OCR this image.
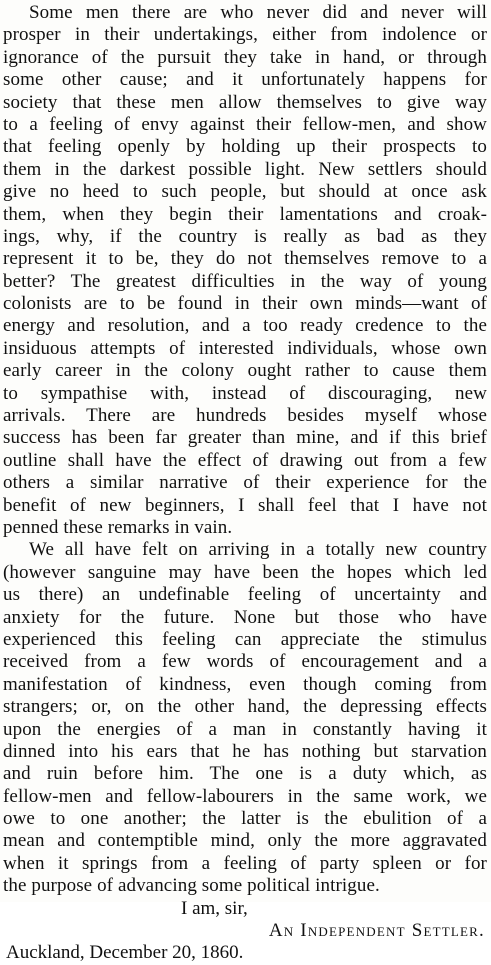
Some men there are who never did and never will
prosper in their undertakings, either from indolence or
ignorance of the pursuit they take in hand, or through
some other cause; and it unfortunately happens for
society that these men allow themselves to give way
to a feeling of envy against their fellow-men, and show
that feeling openly by holding up their prospects to
them in the darkest possible light. New settlers should
give no heed to such people, but should at once ask
them, when they begin their lamentations and croak-
ings, why, if the country is really as bad as they
represent it to be, they do not themselves remove to a
better? The greatest difficulties in the way of young
colonists are to be found in their own minds—want of
energy and resolution, and a too ready credence to the
insiduous attempts of interested individuals, whose own
early career in the colony ought rather to cause them
to sympathise with, instead of discouraging, new
arrivals. There are hundreds besides myself whose
success has been far greater than mine, and if this brief
outline shall have the effect of drawing out from a few
others a similar narrative of their experience for the
benefit of new beginners, I shall feel that I have not
penned these remarks in vain.
We all have felt on arriving in a totally new country
(however sanguine may have been the hopes which led
us there) an undefinable feeling of uncertainty and
anxiety for the future. None but those who have
experienced this feeling can appreciate the stimulus
received from a few words of encouragement and a
manifestation of kindness, even though coming from
strangers; or, on the other hand, the depressing effects
upon the energies of a man in constantly having it
dinned into his ears that he has nothing but starvation
and ruin before him. The one is a duty which, as
fellow-men and fellow-labourers in the same work, we
owe to one another; the latter is the ebulition of a
mean and contemptible mind, only the more aggravated
when it springs from a feeling of party spleen or for
the purpose of advancing some political intrigue.
I am, sir,
An Independent Settler.
Auckland, December 20, 1860.
